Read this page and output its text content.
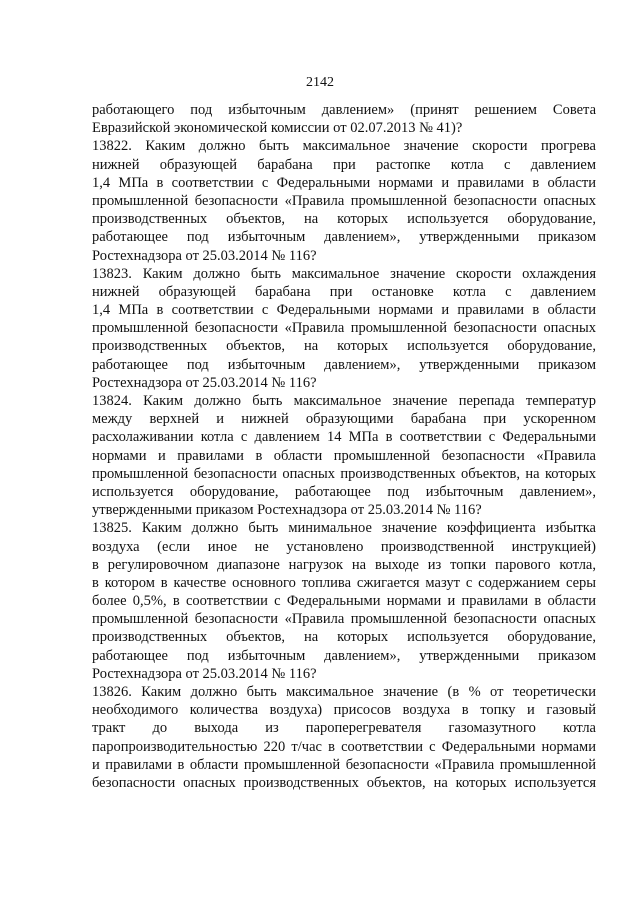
2142
работающего под избыточным давлением» (принят решением Совета
Евразийской экономической комиссии от 02.07.2013 № 41)?
13822. Каким должно быть максимальное значение скорости прогрева
нижней образующей барабана при растопке котла с давлением
1,4 МПа в соответствии с Федеральными нормами и правилами в области
промышленной безопасности «Правила промышленной безопасности опасных
производственных объектов, на которых используется оборудование,
работающее под избыточным давлением», утвержденными приказом
Ростехнадзора от 25.03.2014 № 116?
13823. Каким должно быть максимальное значение скорости охлаждения
нижней образующей барабана при остановке котла с давлением
1,4 МПа в соответствии с Федеральными нормами и правилами в области
промышленной безопасности «Правила промышленной безопасности опасных
производственных объектов, на которых используется оборудование,
работающее под избыточным давлением», утвержденными приказом
Ростехнадзора от 25.03.2014 № 116?
13824. Каким должно быть максимальное значение перепада температур
между верхней и нижней образующими барабана при ускоренном
расхолаживании котла с давлением 14 МПа в соответствии с Федеральными
нормами и правилами в области промышленной безопасности «Правила
промышленной безопасности опасных производственных объектов, на которых
используется оборудование, работающее под избыточным давлением»,
утвержденными приказом Ростехнадзора от 25.03.2014 № 116?
13825. Каким должно быть минимальное значение коэффициента избытка
воздуха (если иное не установлено производственной инструкцией)
в регулировочном диапазоне нагрузок на выходе из топки парового котла,
в котором в качестве основного топлива сжигается мазут с содержанием серы
более 0,5%, в соответствии с Федеральными нормами и правилами в области
промышленной безопасности «Правила промышленной безопасности опасных
производственных объектов, на которых используется оборудование,
работающее под избыточным давлением», утвержденными приказом
Ростехнадзора от 25.03.2014 № 116?
13826. Каким должно быть максимальное значение (в % от теоретически
необходимого количества воздуха) присосов воздуха в топку и газовый
тракт до выхода из пароперегревателя газомазутного котла
паропроизводительностью 220 т/час в соответствии с Федеральными нормами
и правилами в области промышленной безопасности «Правила промышленной
безопасности опасных производственных объектов, на которых используется
